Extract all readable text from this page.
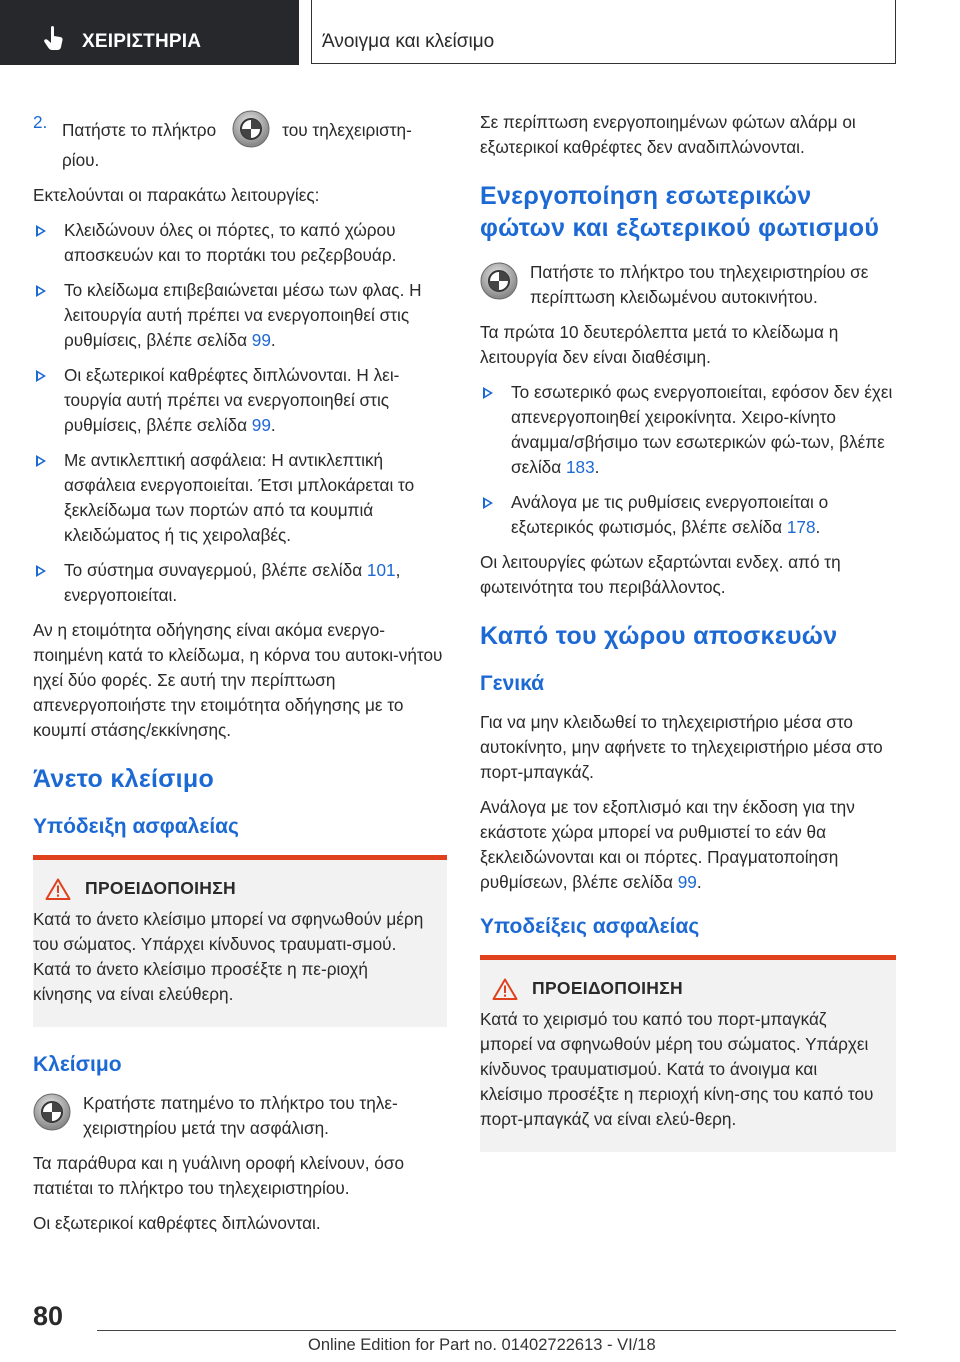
ΧΕΙΡΙΣΤΗΡΙΑ	Άνοιγμα και κλείσιμο
2. Πατήστε το πλήκτρο	του τηλεχειριστη-ρίου.

Εκτελούνται οι παρακάτω λειτουργίες:

Κλειδώνουν όλες οι πόρτες, το καπό χώρου αποσκευών και το πορτάκι του ρεζερβουάρ.
Το κλείδωμα επιβεβαιώνεται μέσω των φλας. Η λειτουργία αυτή πρέπει να ενεργοποιηθεί στις ρυθμίσεις, βλέπε σελίδα 99.
Οι εξωτερικοί καθρέφτες διπλώνονται. Η λει-τουργία αυτή πρέπει να ενεργοποιηθεί στις ρυθμίσεις, βλέπε σελίδα 99.
Με αντικλεπτική ασφάλεια: Η αντικλεπτική ασφάλεια ενεργοποιείται. Έτσι μπλοκάρεται το ξεκλείδωμα των πορτών από τα κουμπιά κλειδώματος ή τις χειρολαβές.
Το σύστημα συναγερμού, βλέπε σελίδα 101, ενεργοποιείται.

Αν η ετοιμότητα οδήγησης είναι ακόμα ενεργο-ποιημένη κατά το κλείδωμα, η κόρνα του αυτοκι-νήτου ηχεί δύο φορές. Σε αυτή την περίπτωση απενεργοποιήστε την ετοιμότητα οδήγησης με το κουμπί στάσης/εκκίνησης.

Άνετο κλείσιμο
Υπόδειξη ασφαλείας
ΠΡΟΕΙΔΟΠΟΙΗΣΗ
Κατά το άνετο κλείσιμο μπορεί να σφηνωθούν μέρη του σώματος. Υπάρχει κίνδυνος τραυματι-σμού. Κατά το άνετο κλείσιμο προσέξτε η πε-ριοχή κίνησης να είναι ελεύθερη.
Κλείσιμο
Κρατήστε πατημένο το πλήκτρο του τηλε-χειριστηρίου μετά την ασφάλιση.

Τα παράθυρα και η γυάλινη οροφή κλείνουν, όσο πατιέται το πλήκτρο του τηλεχειριστηρίου.

Οι εξωτερικοί καθρέφτες διπλώνονται.

Σε περίπτωση ενεργοποιημένων φώτων αλάρμ οι εξωτερικοί καθρέφτες δεν αναδιπλώνονται.

Ενεργοποίηση εσωτερικών φώτων και εξωτερικού φωτισμού
Πατήστε το πλήκτρο του τηλεχειριστηρίου σε περίπτωση κλειδωμένου αυτοκινήτου.

Τα πρώτα 10 δευτερόλεπτα μετά το κλείδωμα η λειτουργία δεν είναι διαθέσιμη.

Το εσωτερικό φως ενεργοποιείται, εφόσον δεν έχει απενεργοποιηθεί χειροκίνητα. Χειρο-κίνητο άναμμα/σβήσιμο των εσωτερικών φώ-των, βλέπε σελίδα 183.
Ανάλογα με τις ρυθμίσεις ενεργοποιείται ο εξωτερικός φωτισμός, βλέπε σελίδα 178.

Οι λειτουργίες φώτων εξαρτώνται ενδεχ. από τη φωτεινότητα του περιβάλλοντος.

Καπό του χώρου αποσκευών
Γενικά

Για να μην κλειδωθεί το τηλεχειριστήριο μέσα στο αυτοκίνητο, μην αφήνετε το τηλεχειριστήριο μέσα στο πορτ-μπαγκάζ.

Ανάλογα με τον εξοπλισμό και την έκδοση για την εκάστοτε χώρα μπορεί να ρυθμιστεί το εάν θα ξεκλειδώνονται και οι πόρτες. Πραγματοποίηση ρυθμίσεων, βλέπε σελίδα 99.

Υποδείξεις ασφαλείας
ΠΡΟΕΙΔΟΠΟΙΗΣΗ
Κατά το χειρισμό του καπό του πορτ-μπαγκάζ μπορεί να σφηνωθούν μέρη του σώματος. Υπάρχει κίνδυνος τραυματισμού. Κατά το άνοιγμα και κλείσιμο προσέξτε η περιοχή κίνη-σης του καπό του πορτ-μπαγκάζ να είναι ελεύ-θερη.
80
Online Edition for Part no. 01402722613 - VI/18
